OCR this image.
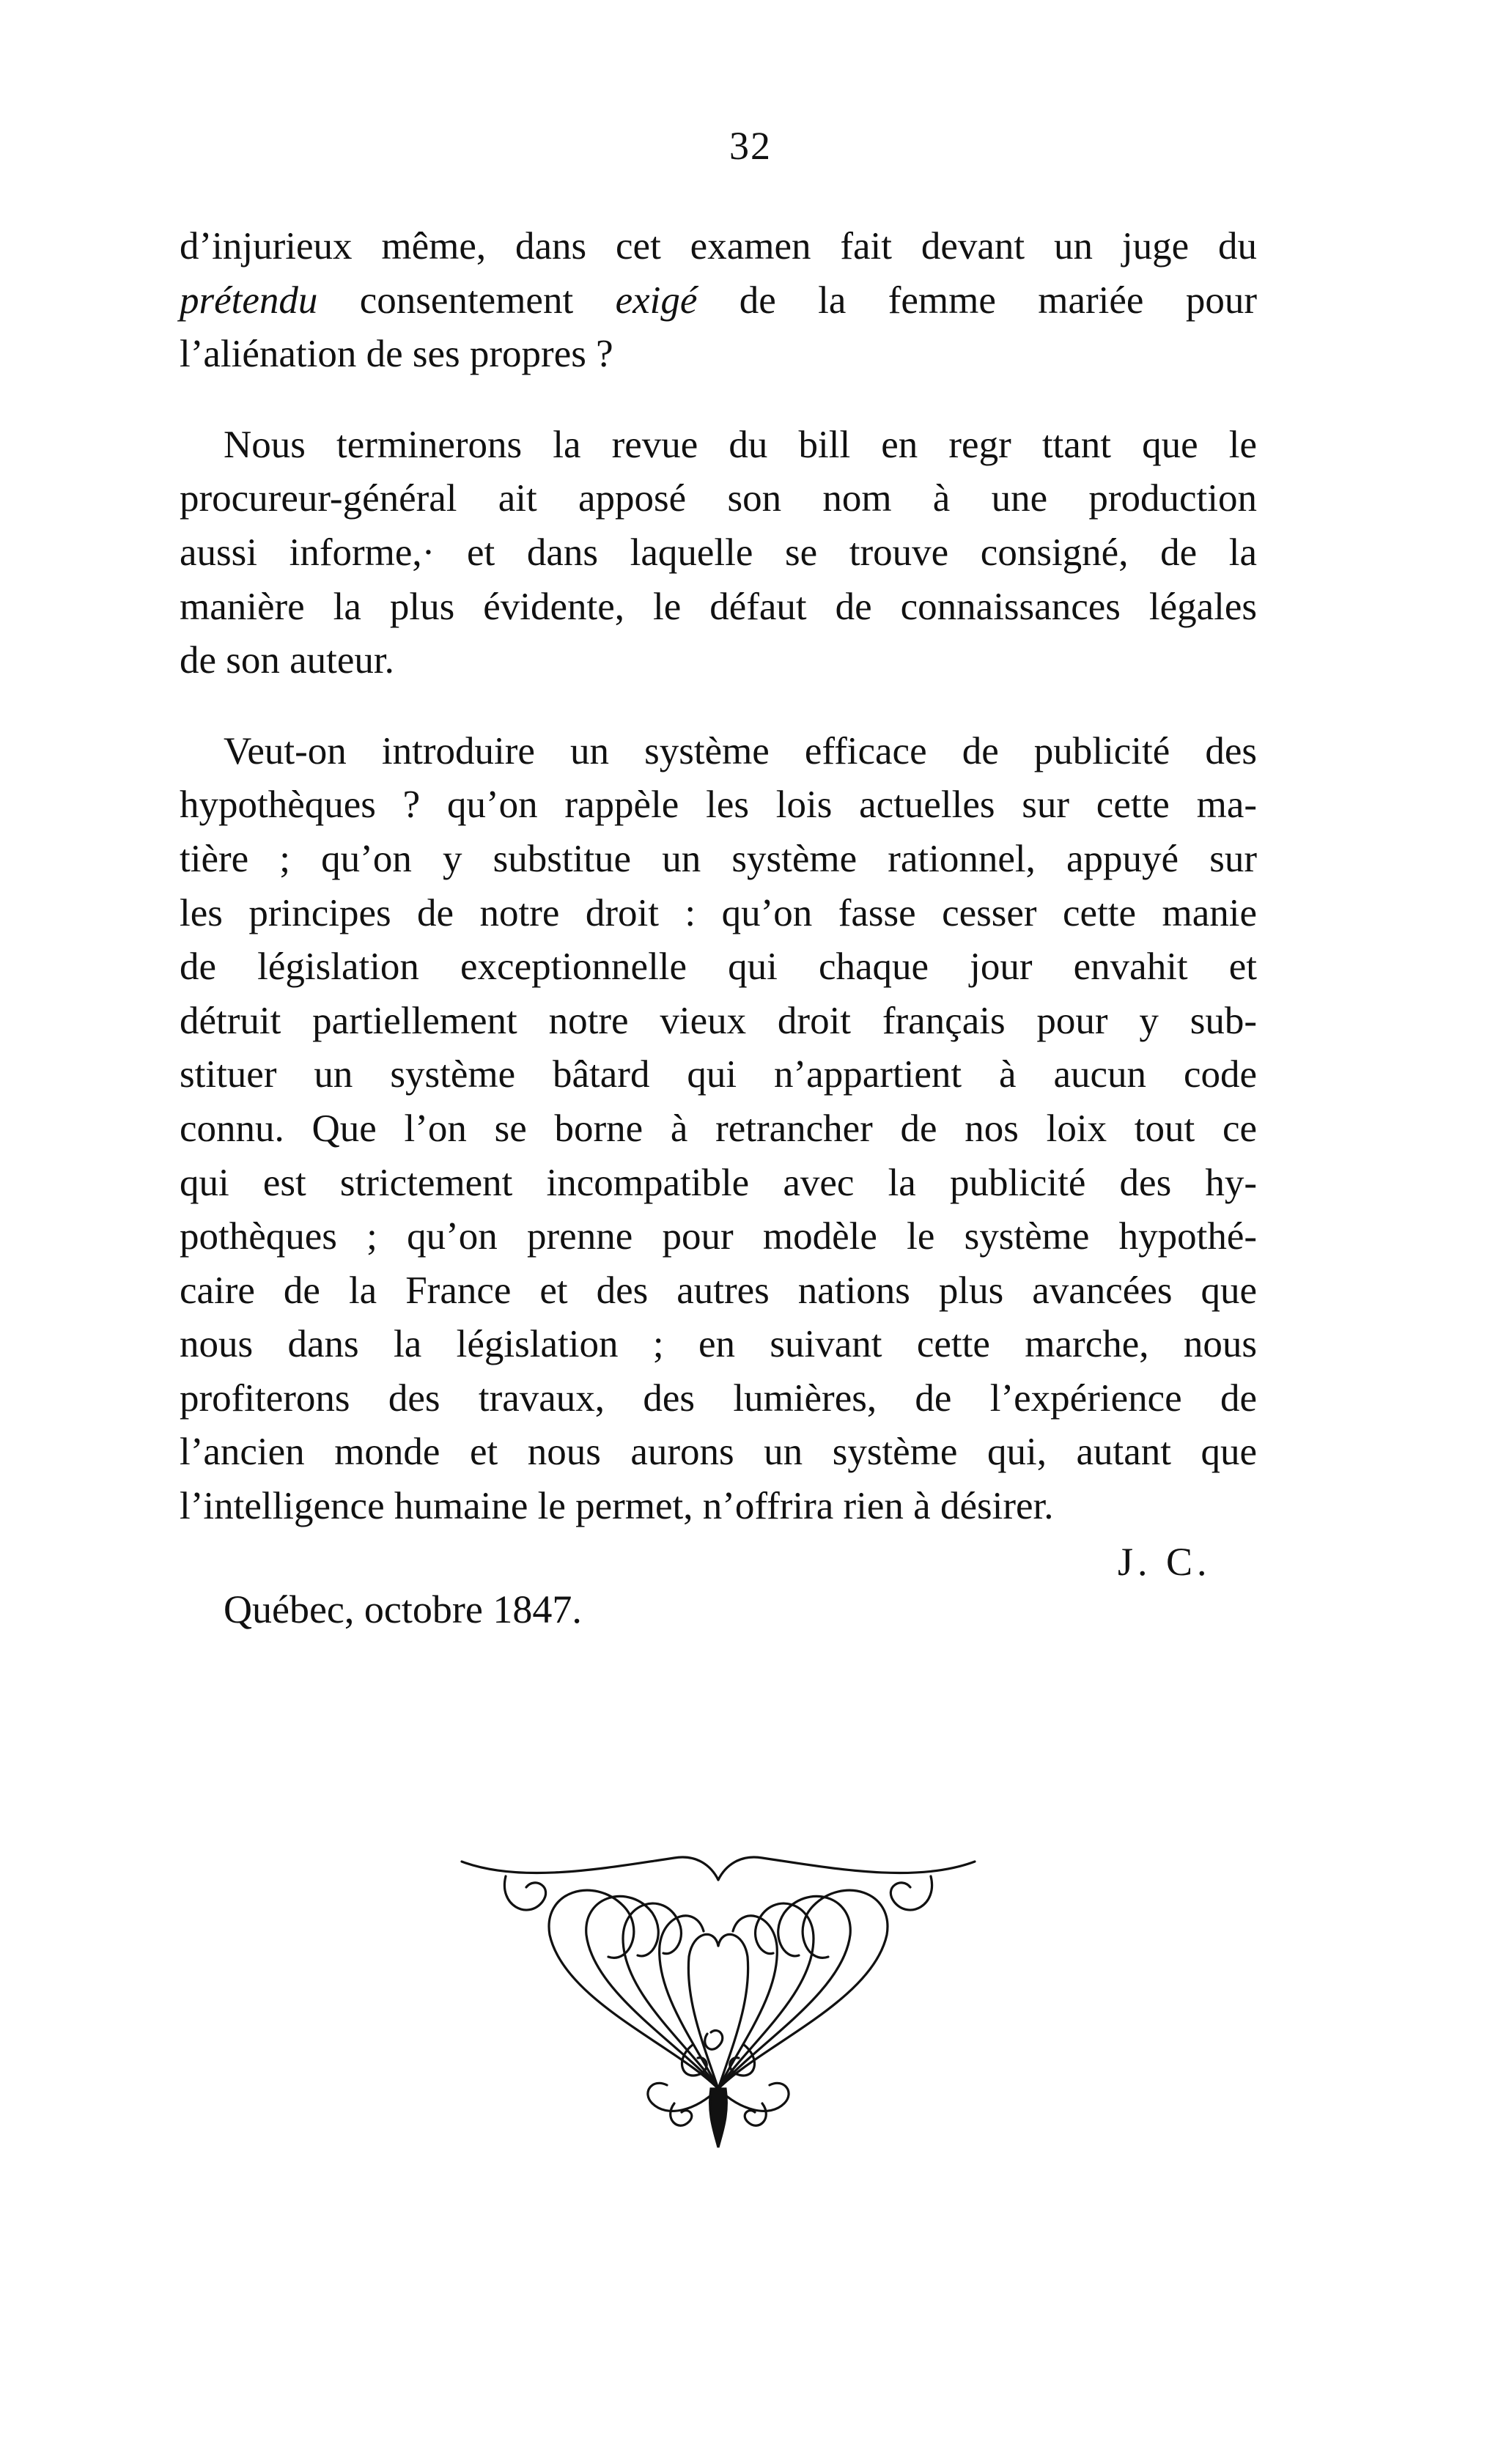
32
d’injurieux même, dans cet examen fait devant un juge du
prétendu consentement exigé de la femme mariée pour
l’aliénation de ses propres ?
Nous terminerons la revue du bill en regr ttant que le
procureur-général ait apposé son nom à une production
aussi informe,· et dans laquelle se trouve consigné, de la
manière la plus évidente, le défaut de connaissances légales
de son auteur.
Veut-on introduire un système efficace de publicité des
hypothèques ? qu’on rappèle les lois actuelles sur cette ma-
tière ; qu’on y substitue un système rationnel, appuyé sur
les principes de notre droit : qu’on fasse cesser cette manie
de législation exceptionnelle qui chaque jour envahit et
détruit partiellement notre vieux droit français pour y sub-
stituer un système bâtard qui n’appartient à aucun code
connu. Que l’on se borne à retrancher de nos loix tout ce
qui est strictement incompatible avec la publicité des hy-
pothèques ; qu’on prenne pour modèle le système hypothé-
caire de la France et des autres nations plus avancées que
nous dans la législation ; en suivant cette marche, nous
profiterons des travaux, des lumières, de l’expérience de
l’ancien monde et nous aurons un système qui, autant que
l’intelligence humaine le permet, n’offrira rien à désirer.
J. C.
Québec, octobre 1847.
